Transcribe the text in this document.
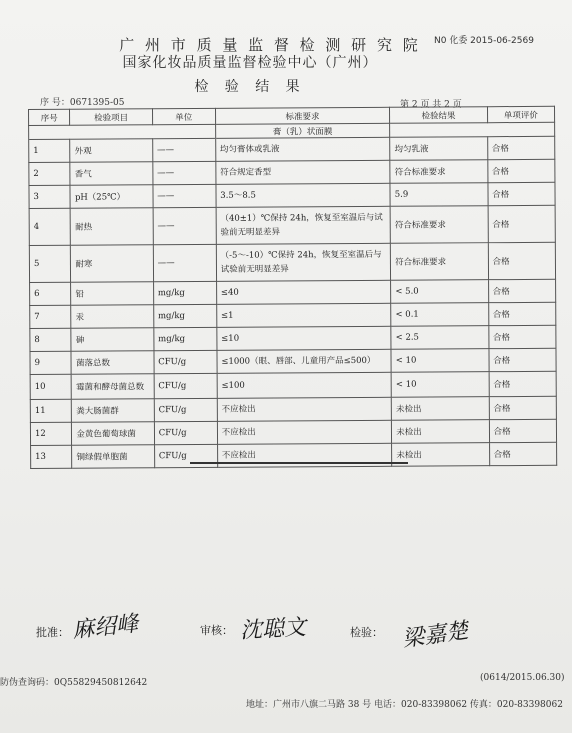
广 州 市 质 量 监 督 检 测 研 究 院	N0 化委 2015-06-2569
国家化妆品质量监督检验中心（广州）
检 验 结 果
序 号：0671395-05	第 2 页 共 2 页
序号	检验项目	单位	标准要求	检验结果	单项评价
			膏（乳）状面膜		
1	外观	——	均匀膏体或乳液	均匀乳液	合格
2	香气	——	符合规定香型	符合标准要求	合格
3	pH（25℃）	——	3.5～8.5	5.9	合格
4	耐热	——	（40±1）℃保持 24h，恢复至室温后与试验前无明显差异	符合标准要求	合格
5	耐寒	——	（-5～-10）℃保持 24h，恢复至室温后与试验前无明显差异	符合标准要求	合格
6	铅	mg/kg	≤40	< 5.0	合格
7	汞	mg/kg	≤1	< 0.1	合格
8	砷	mg/kg	≤10	< 2.5	合格
9	菌落总数	CFU/g	≤1000（眼、唇部、儿童用产品≤500）	< 10	合格
10	霉菌和酵母菌总数	CFU/g	≤100	< 10	合格
11	粪大肠菌群	CFU/g	不应检出	未检出	合格
12	金黄色葡萄球菌	CFU/g	不应检出	未检出	合格
13	铜绿假单胞菌	CFU/g	不应检出	未检出	合格
批准： 麻绍峰	审核： 沈聪文	检验： 梁嘉楚
防伪查询码：0Q55829450812642	(0614/2015.06.30)
地址：广州市八旗二马路 38 号 电话：020-83398062 传真：020-83398062
